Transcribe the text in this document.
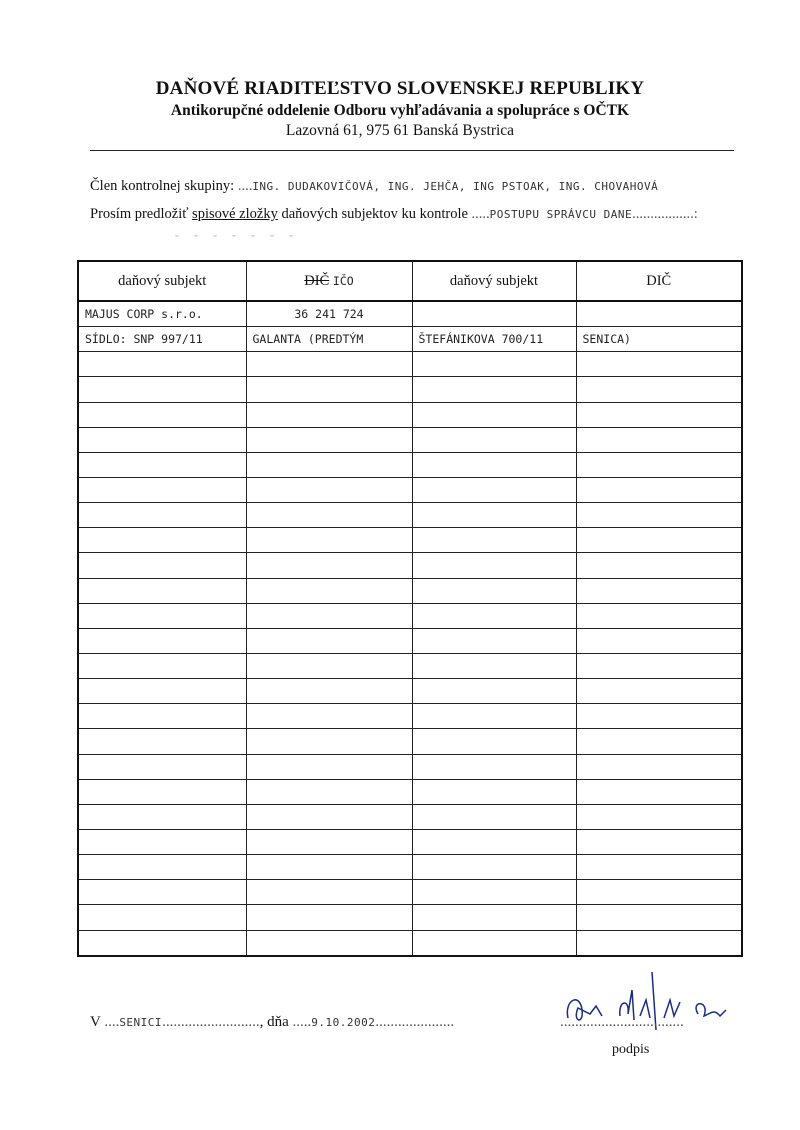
DAŇOVÉ RIADITEĽSTVO SLOVENSKEJ REPUBLIKY
Antikorupčné oddelenie Odboru vyhľadávania a spolupráce s OČTK
Lazovná 61, 975 61 Banská Bystrica
Člen kontrolnej skupiny: ....ING. DUDAKOVIČOVÁ, ING. JEHČA, ING PSTOAK, ING. CHOVAHOVÁ
Prosím predložiť spisové zložky daňových subjektov ku kontrole .....POSTUPU SPRÁVCU DANE.................:
˘ ˘ ˘ ˘ ˘ ˘ ˘
daňový subjekt	DIČ IČO	daňový subjekt	DIČ
MAJUS CORP s.r.o.	36 241 724		
SÍDLO: SNP 997/11	GALANTA (PREDTÝM	ŠTEFÁNIKOVA 700/11	SENICA)

V ....SENICI.........................., dňa .....9.10.2002.....................	.................................
podpis
